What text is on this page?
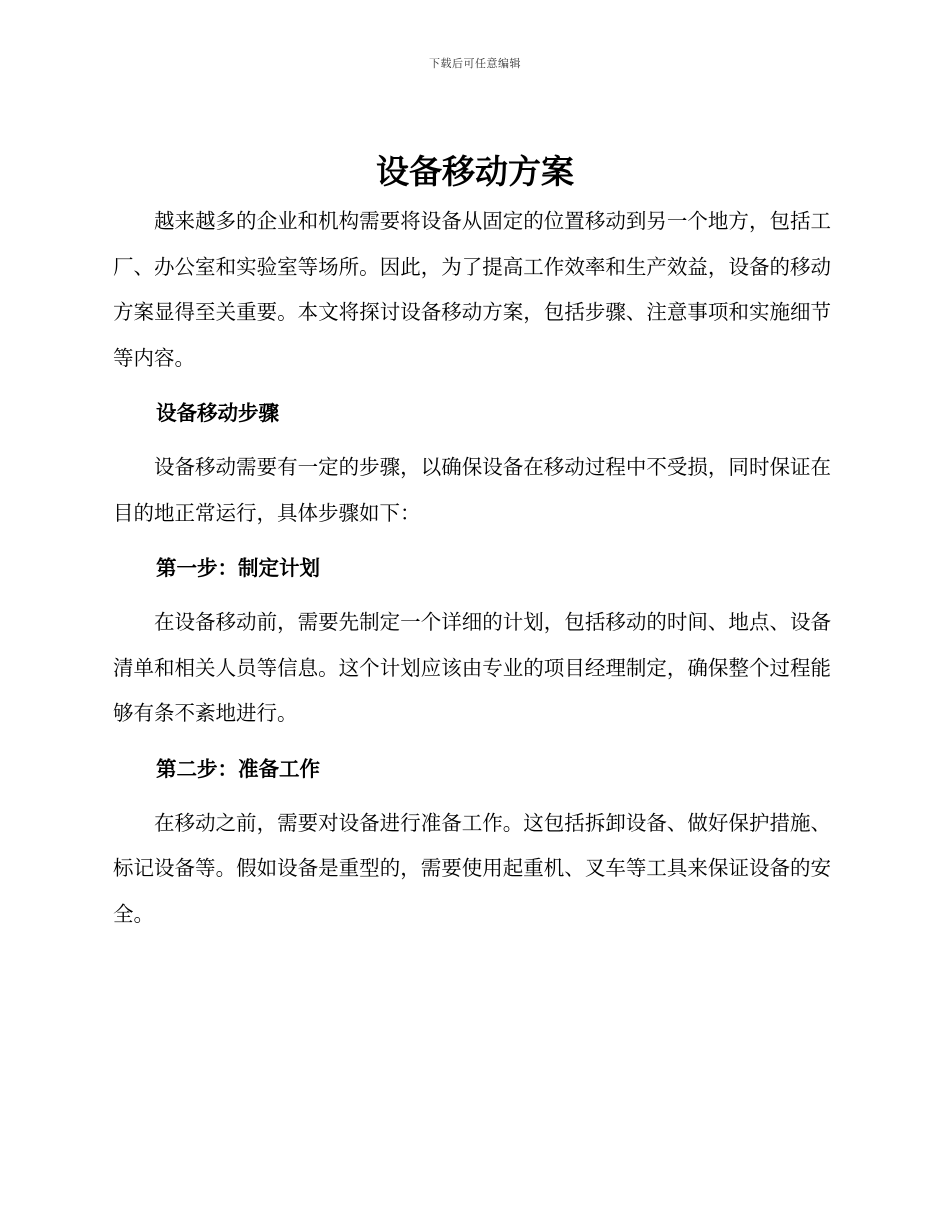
下载后可任意编辑
设备移动方案

越来越多的企业和机构需要将设备从固定的位置移动到另一个地方，包括工厂、办公室和实验室等场所。因此，为了提高工作效率和生产效益，设备的移动方案显得至关重要。本文将探讨设备移动方案，包括步骤、注意事项和实施细节等内容。

设备移动步骤

设备移动需要有一定的步骤，以确保设备在移动过程中不受损，同时保证在目的地正常运行，具体步骤如下：

第一步：制定计划

在设备移动前，需要先制定一个详细的计划，包括移动的时间、地点、设备清单和相关人员等信息。这个计划应该由专业的项目经理制定，确保整个过程能够有条不紊地进行。

第二步：准备工作

在移动之前，需要对设备进行准备工作。这包括拆卸设备、做好保护措施、标记设备等。假如设备是重型的，需要使用起重机、叉车等工具来保证设备的安全。
